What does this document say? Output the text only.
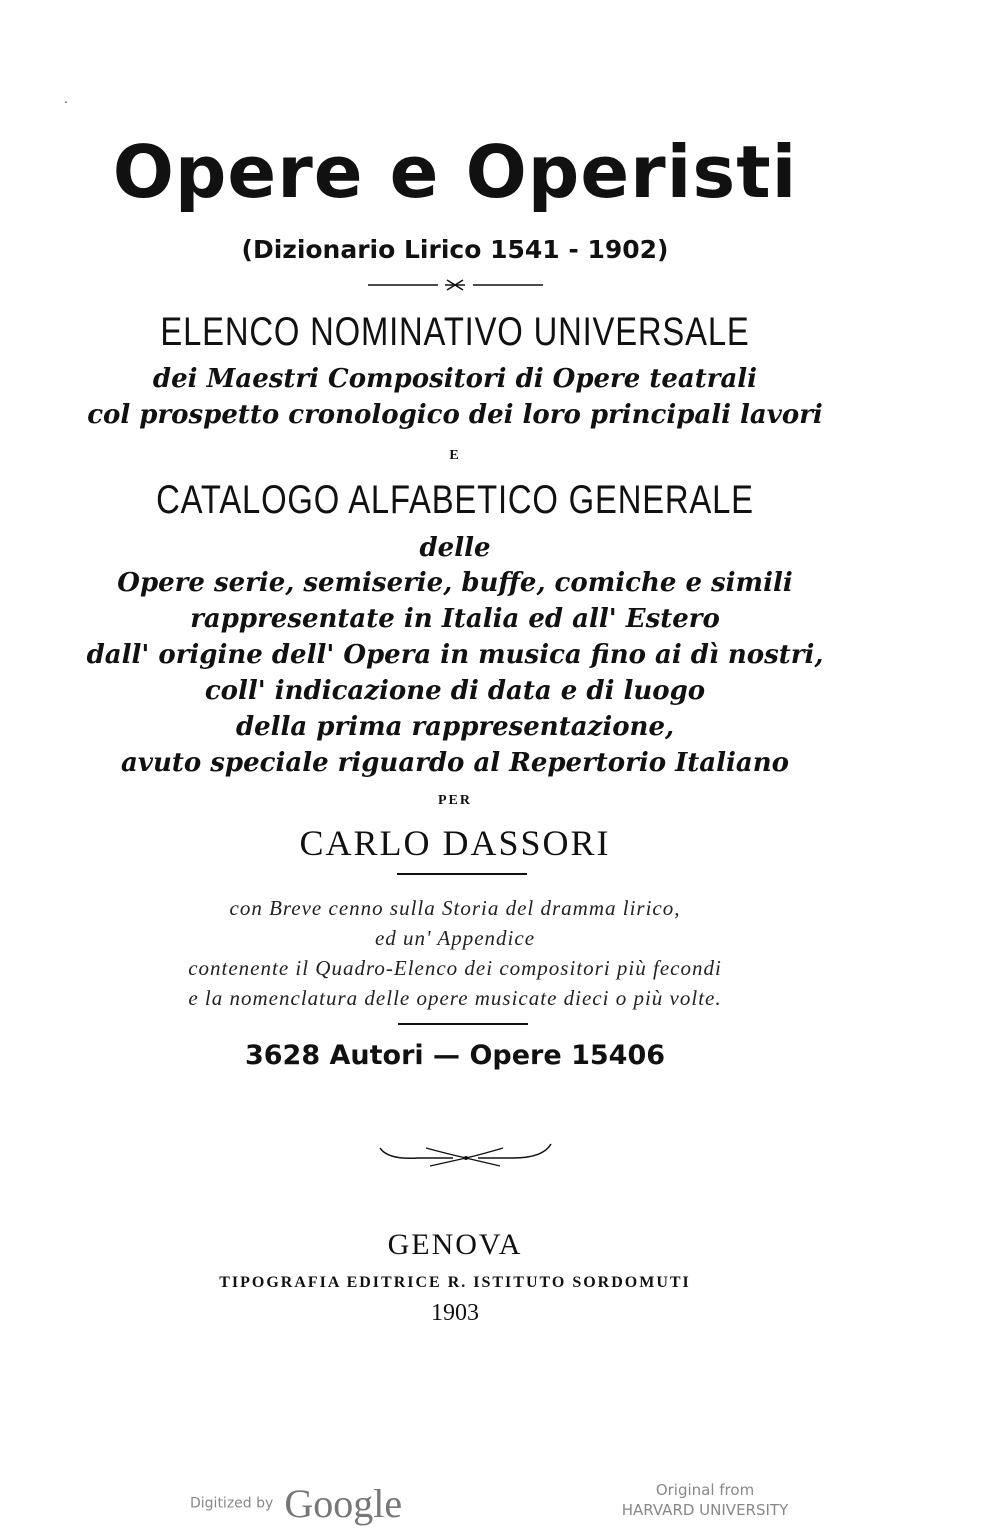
․
Opere e Operisti
(Dizionario Lirico 1541 - 1902)
ELENCO NOMINATIVO UNIVERSALE
dei Maestri Compositori di Opere teatrali
col prospetto cronologico dei loro principali lavori
E
CATALOGO ALFABETICO GENERALE
delle
Opere serie, semiserie, buffe, comiche e simili
rappresentate in Italia ed all' Estero
dall' origine dell' Opera in musica fino ai dì nostri,
coll' indicazione di data e di luogo
della prima rappresentazione,
avuto speciale riguardo al Repertorio Italiano
PER
CARLO DASSORI
con Breve cenno sulla Storia del dramma lirico,
ed un' Appendice
contenente il Quadro-Elenco dei compositori più fecondi
e la nomenclatura delle opere musicate dieci o più volte.
3628 Autori — Opere 15406
GENOVA
TIPOGRAFIA EDITRICE R. ISTITUTO SORDOMUTI
1903
Digitized by Google	Original from
HARVARD UNIVERSITY
